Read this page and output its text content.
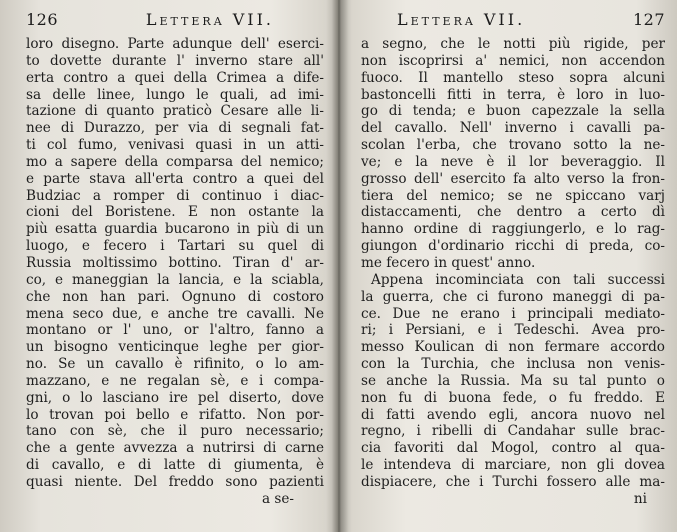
126	Lettera VII.
loro disegno. Parte adunque dell' eserci-
to dovette durante l' inverno stare all'
erta contro a quei della Crimea a dife-
sa delle linee, lungo le quali, ad imi-
tazione di quanto praticò Cesare alle li-
nee di Durazzo, per via di segnali fat-
ti col fumo, venivasi quasi in un atti-
mo a sapere della comparsa del nemico;
e parte stava all'erta contro a quei del
Budziac a romper di continuo i diac-
cioni del Boristene. E non ostante la
più esatta guardia bucarono in più di un
luogo, e fecero i Tartari su quel di
Russia moltissimo bottino. Tiran d' ar-
co, e maneggian la lancia, e la sciabla,
che non han pari. Ognuno di costoro
mena seco due, e anche tre cavalli. Ne
montano or l' uno, or l'altro, fanno a
un bisogno venticinque leghe per gior-
no. Se un cavallo è rifinito, o lo am-
mazzano, e ne regalan sè, e i compa-
gni, o lo lasciano ire pel diserto, dove
lo trovan poi bello e rifatto. Non por-
tano con sè, che il puro necessario;
che a gente avvezza a nutrirsi di carne
di cavallo, e di latte di giumenta, è
quasi niente. Del freddo sono pazienti
a se-
Lettera VII.	127
a segno, che le notti più rigide, per
non iscoprirsi a' nemici, non accendon
fuoco. Il mantello steso sopra alcuni
bastoncelli fitti in terra, è loro in luo-
go di tenda; e buon capezzale la sella
del cavallo. Nell' inverno i cavalli pa-
scolan l'erba, che trovano sotto la ne-
ve; e la neve è il lor beveraggio. Il
grosso dell' esercito fa alto verso la fron-
tiera del nemico; se ne spiccano varj
distaccamenti, che dentro a certo dì
hanno ordine di raggiungerlo, e lo rag-
giungon d'ordinario ricchi di preda, co-
me fecero in quest' anno.
Appena incominciata con tali successi
la guerra, che ci furono maneggi di pa-
ce. Due ne erano i principali mediato-
ri; i Persiani, e i Tedeschi. Avea pro-
messo Koulican di non fermare accordo
con la Turchia, che inclusa non venis-
se anche la Russia. Ma su tal punto o
non fu di buona fede, o fu freddo. E
di fatti avendo egli, ancora nuovo nel
regno, i ribelli di Candahar sulle brac-
cia favoriti dal Mogol, contro al qua-
le intendeva di marciare, non gli dovea
dispiacere, che i Turchi fossero alle ma-
ni
